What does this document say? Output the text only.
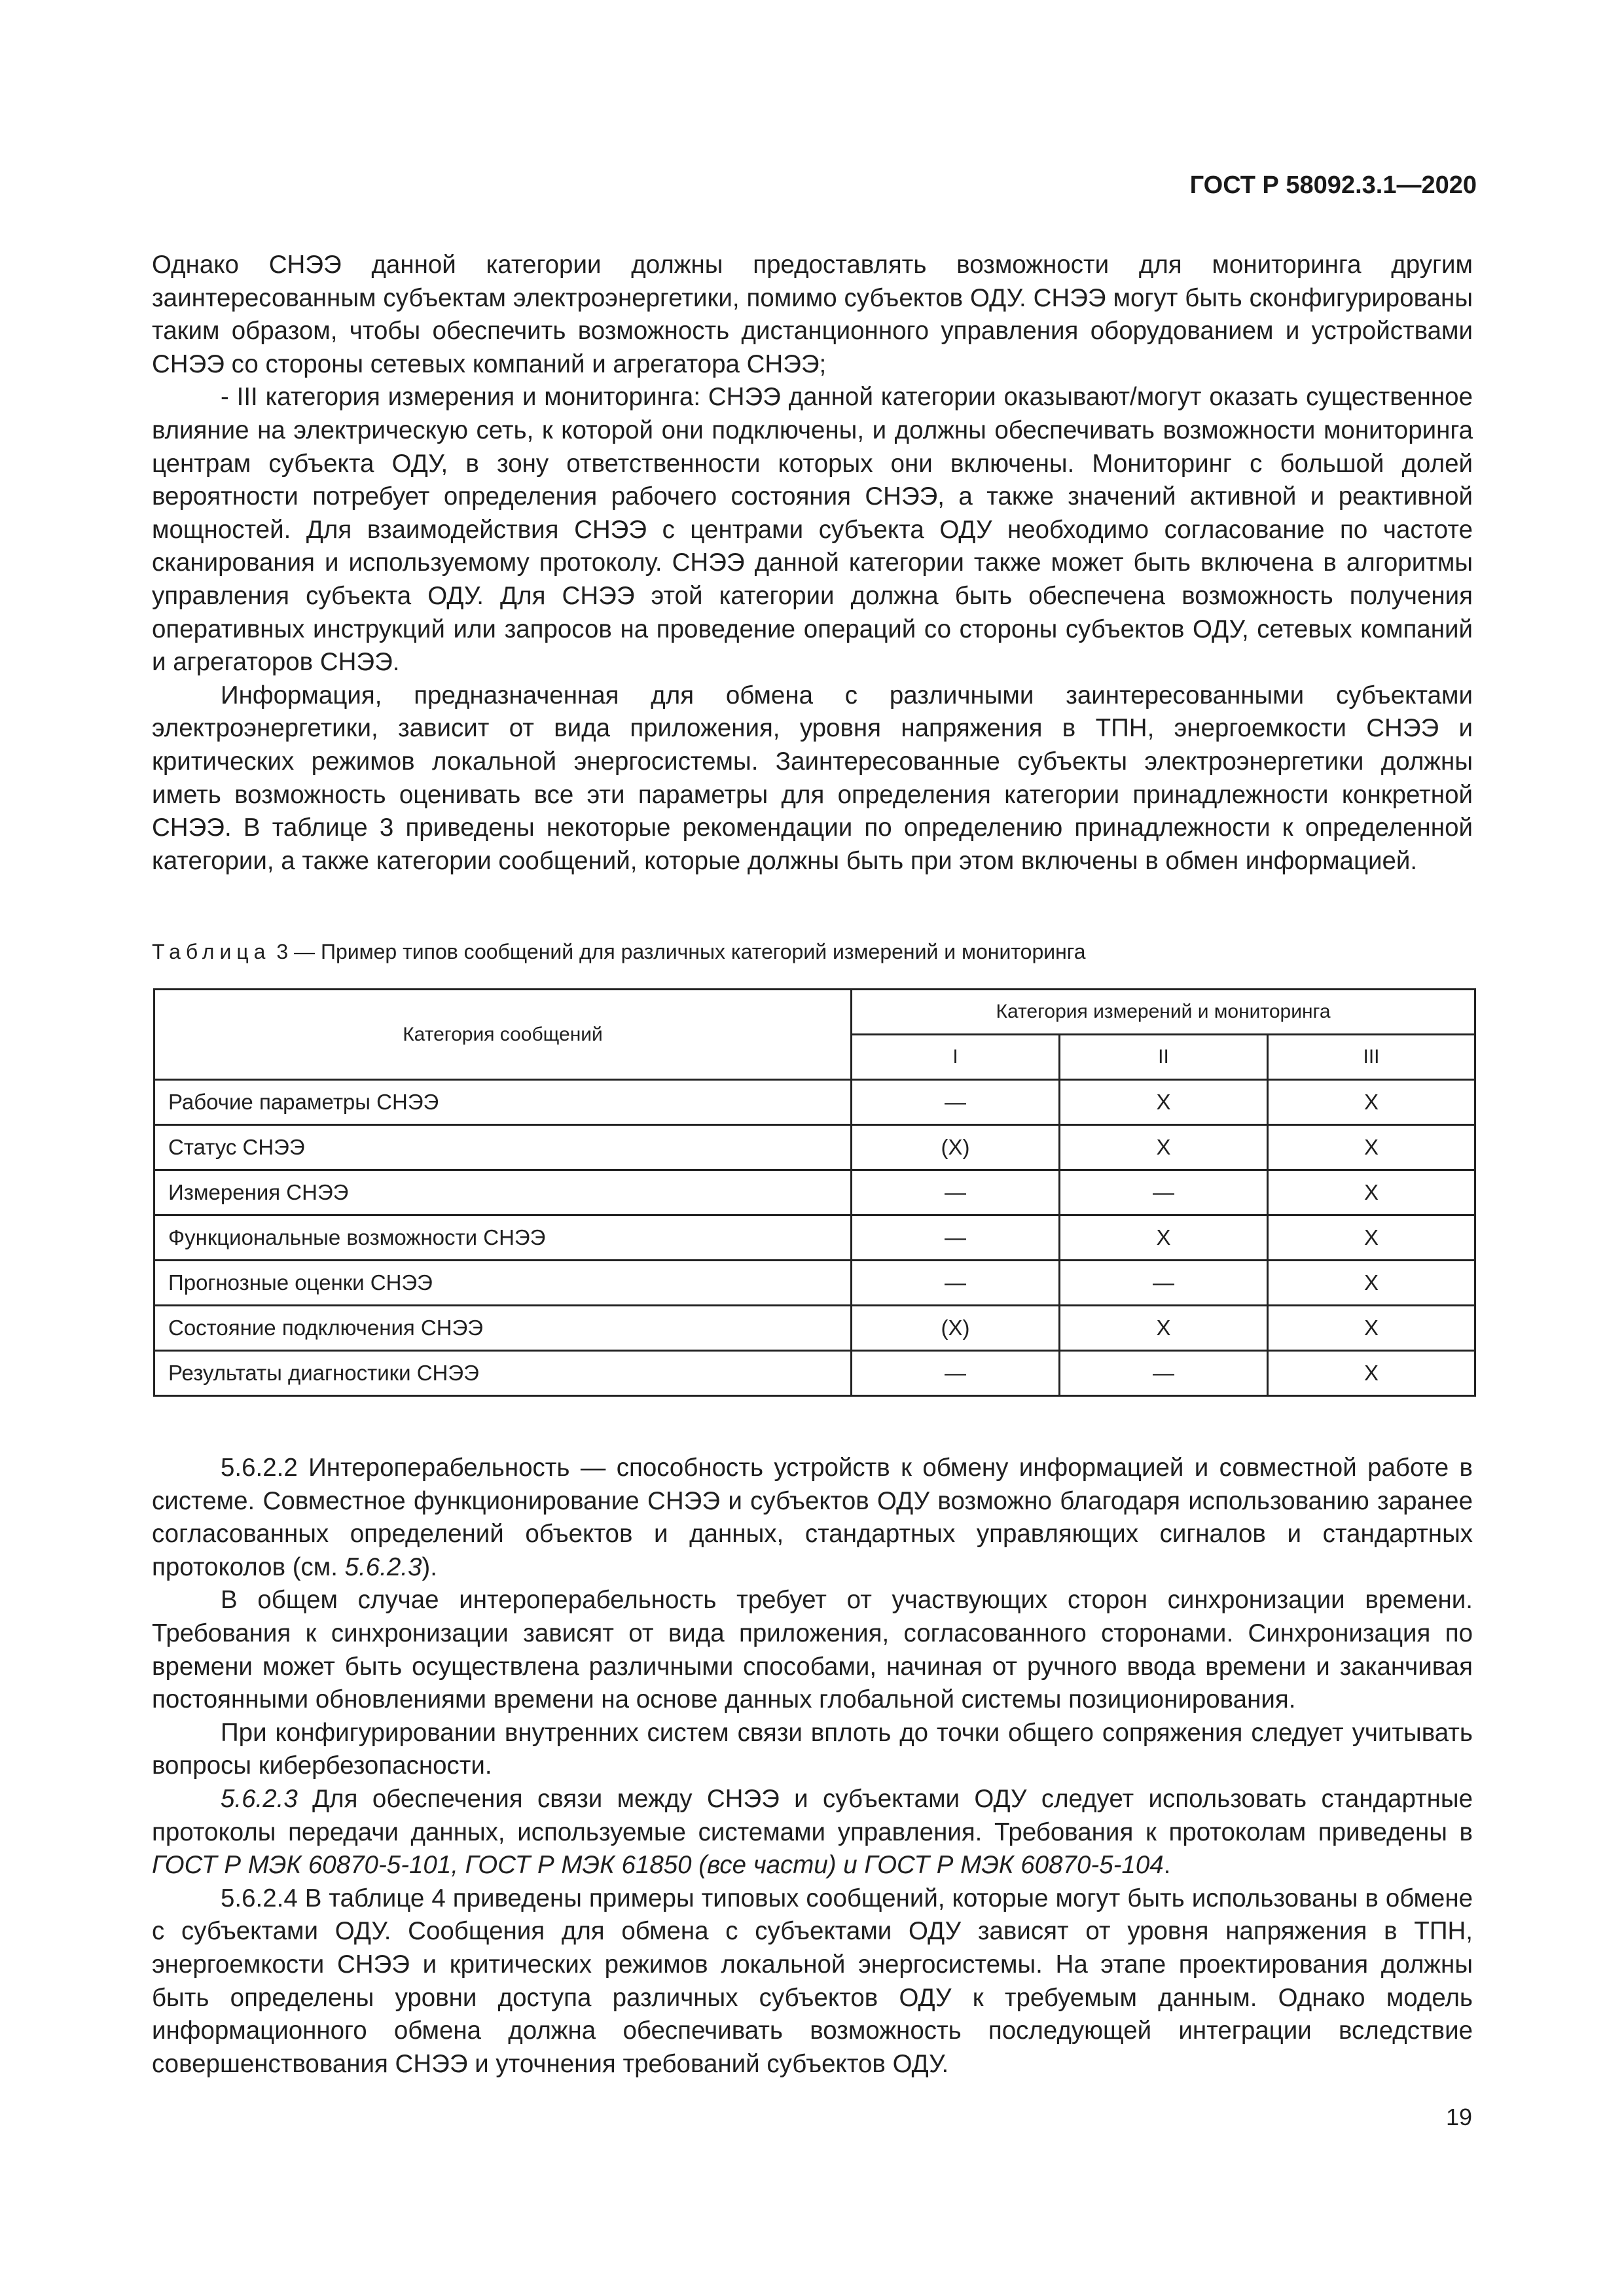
ГОСТ Р 58092.3.1—2020

Однако СНЭЭ данной категории должны предоставлять возможности для мониторинга другим заинтересованным субъектам электроэнергетики, помимо субъектов ОДУ. СНЭЭ могут быть сконфигурированы таким образом, чтобы обеспечить возможность дистанционного управления оборудованием и устройствами СНЭЭ со стороны сетевых компаний и агрегатора СНЭЭ;

- III категория измерения и мониторинга: СНЭЭ данной категории оказывают/могут оказать существенное влияние на электрическую сеть, к которой они подключены, и должны обеспечивать возможности мониторинга центрам субъекта ОДУ, в зону ответственности которых они включены. Мониторинг с большой долей вероятности потребует определения рабочего состояния СНЭЭ, а также значений активной и реактивной мощностей. Для взаимодействия СНЭЭ с центрами субъекта ОДУ необходимо согласование по частоте сканирования и используемому протоколу. СНЭЭ данной категории также может быть включена в алгоритмы управления субъекта ОДУ. Для СНЭЭ этой категории должна быть обеспечена возможность получения оперативных инструкций или запросов на проведение операций со стороны субъектов ОДУ, сетевых компаний и агрегаторов СНЭЭ.

Информация, предназначенная для обмена с различными заинтересованными субъектами электроэнергетики, зависит от вида приложения, уровня напряжения в ТПН, энергоемкости СНЭЭ и критических режимов локальной энергосистемы. Заинтересованные субъекты электроэнергетики должны иметь возможность оценивать все эти параметры для определения категории принадлежности конкретной СНЭЭ. В таблице 3 приведены некоторые рекомендации по определению принадлежности к определенной категории, а также категории сообщений, которые должны быть при этом включены в обмен информацией.

Таблица 3 — Пример типов сообщений для различных категорий измерений и мониторинга
Категория сообщений	Категория измерений и мониторинга		
	I	II	III
Рабочие параметры СНЭЭ	—	X	X
Статус СНЭЭ	(X)	X	X
Измерения СНЭЭ	—	—	X
Функциональные возможности СНЭЭ	—	X	X
Прогнозные оценки СНЭЭ	—	—	X
Состояние подключения СНЭЭ	(X)	X	X
Результаты диагностики СНЭЭ	—	—	X

5.6.2.2 Интероперабельность — способность устройств к обмену информацией и совместной работе в системе. Совместное функционирование СНЭЭ и субъектов ОДУ возможно благодаря использованию заранее согласованных определений объектов и данных, стандартных управляющих сигналов и стандартных протоколов (см. 5.6.2.3).

В общем случае интероперабельность требует от участвующих сторон синхронизации времени. Требования к синхронизации зависят от вида приложения, согласованного сторонами. Синхронизация по времени может быть осуществлена различными способами, начиная от ручного ввода времени и заканчивая постоянными обновлениями времени на основе данных глобальной системы позиционирования.

При конфигурировании внутренних систем связи вплоть до точки общего сопряжения следует учитывать вопросы кибербезопасности.

5.6.2.3 Для обеспечения связи между СНЭЭ и субъектами ОДУ следует использовать стандартные протоколы передачи данных, используемые системами управления. Требования к протоколам приведены в ГОСТ Р МЭК 60870-5-101, ГОСТ Р МЭК 61850 (все части) и ГОСТ Р МЭК 60870-5-104.

5.6.2.4 В таблице 4 приведены примеры типовых сообщений, которые могут быть использованы в обмене с субъектами ОДУ. Сообщения для обмена с субъектами ОДУ зависят от уровня напряжения в ТПН, энергоемкости СНЭЭ и критических режимов локальной энергосистемы. На этапе проектирования должны быть определены уровни доступа различных субъектов ОДУ к требуемым данным. Однако модель информационного обмена должна обеспечивать возможность последующей интеграции вследствие совершенствования СНЭЭ и уточнения требований субъектов ОДУ.

19
